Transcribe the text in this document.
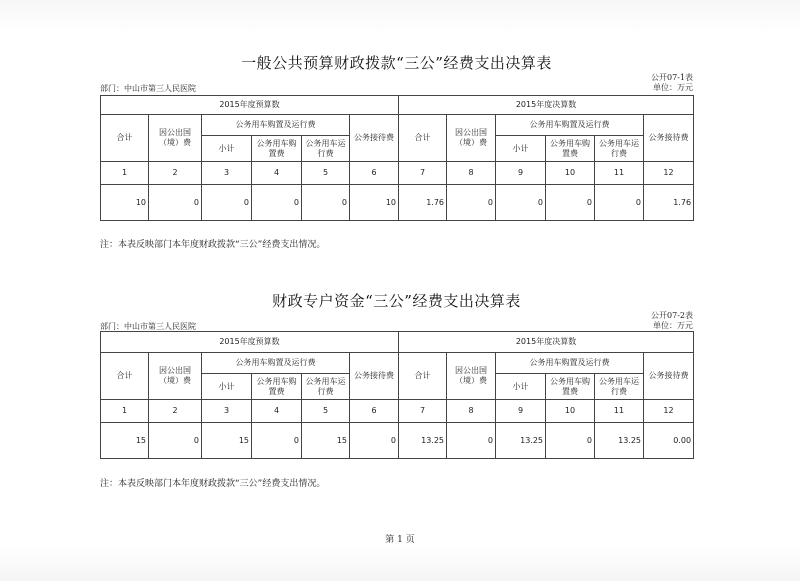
一般公共预算财政拨款“三公”经费支出决算表
公开07-1表
单位：万元
部门：中山市第三人民医院
2015年度预算数						2015年度决算数					
合计	因公出国（境）费	公务用车购置及运行费			公务接待费	合计	因公出国（境）费	公务用车购置及运行费			公务接待费
		小计	公务用车购置费	公务用车运行费				小计	公务用车购置费	公务用车运行费	
1	2	3	4	5	6	7	8	9	10	11	12
10	0	0	0	0	10	1.76	0	0	0	0	1.76
注：本表反映部门本年度财政拨款“三公”经费支出情况。
财政专户资金“三公”经费支出决算表
公开07-2表
单位：万元
部门：中山市第三人民医院
2015年度预算数						2015年度决算数					
合计	因公出国（境）费	公务用车购置及运行费			公务接待费	合计	因公出国（境）费	公务用车购置及运行费			公务接待费
		小计	公务用车购置费	公务用车运行费				小计	公务用车购置费	公务用车运行费	
1	2	3	4	5	6	7	8	9	10	11	12
15	0	15	0	15	0	13.25	0	13.25	0	13.25	0.00
注：本表反映部门本年度财政拨款“三公”经费支出情况。
第 1 页
